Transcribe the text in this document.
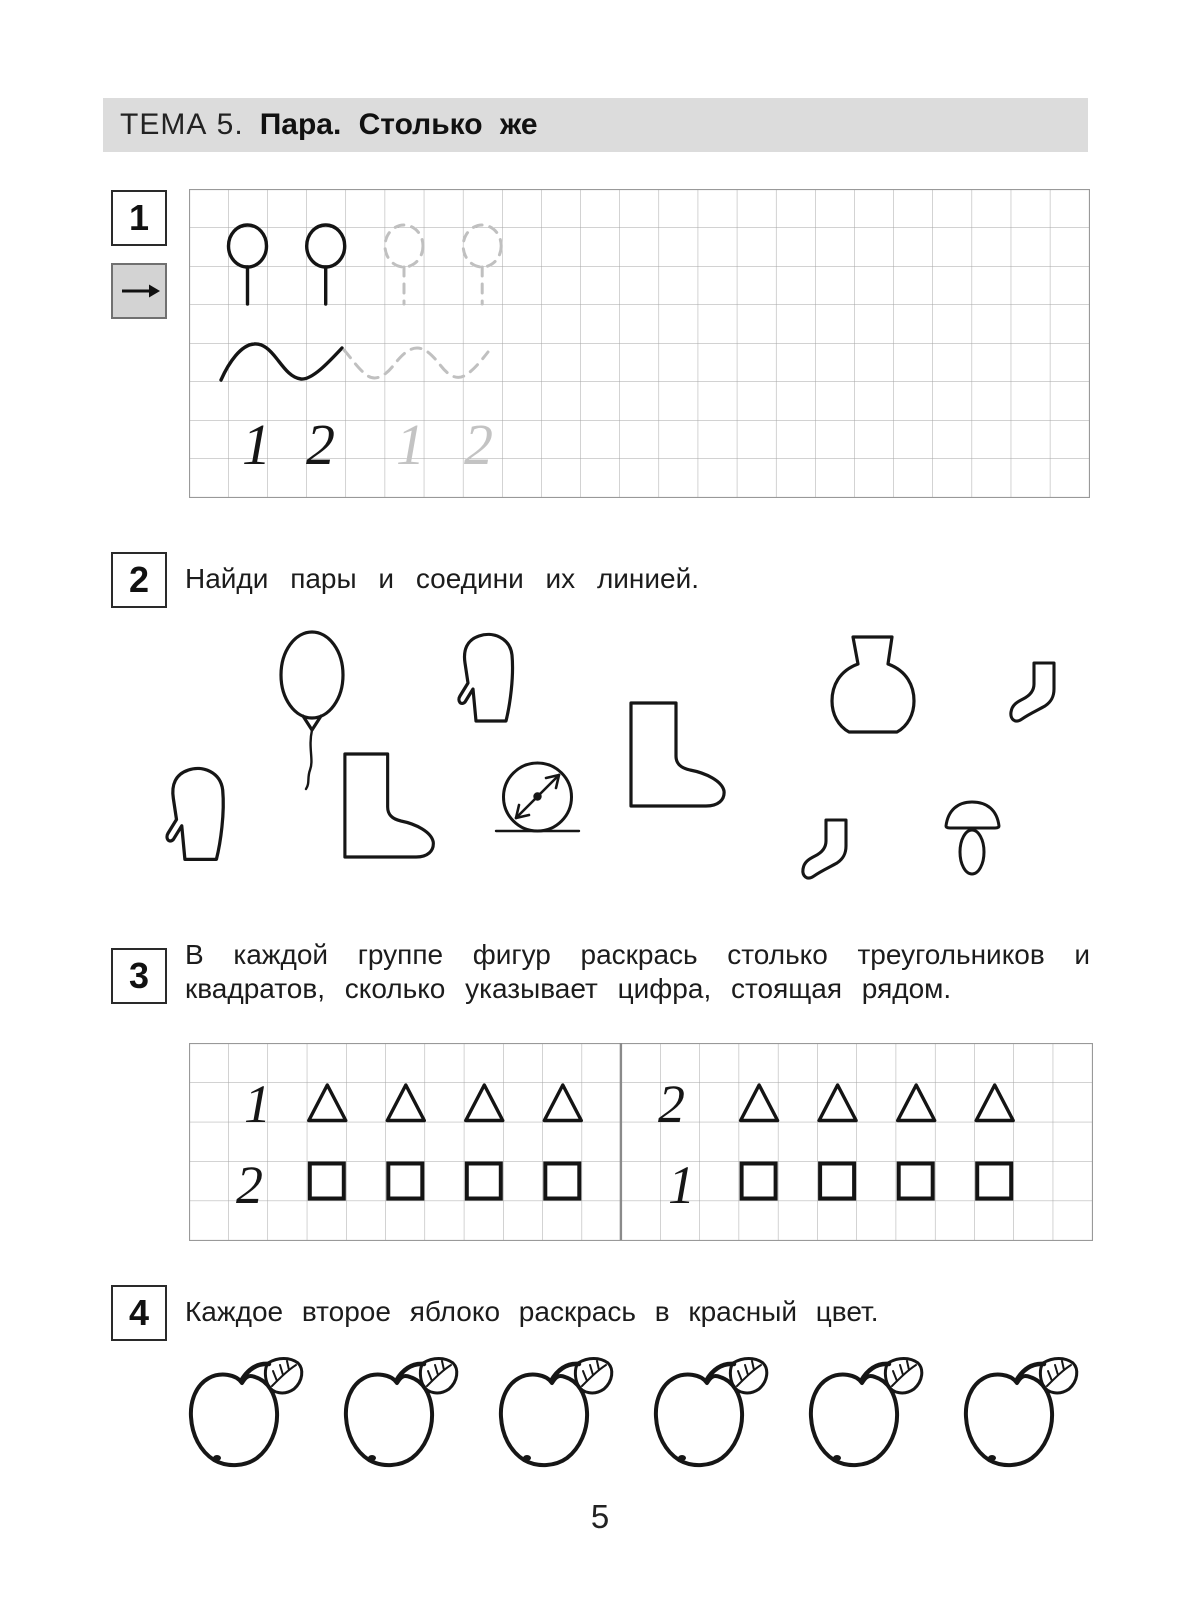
ТЕМА 5. Пара. Столько же
1
1 2 1 2
2 Найди пары и соедини их линией.
3
В каждой группе фигур раскрась столько треугольников и
квадратов, сколько указывает цифра, стоящая рядом.
1
2
2
1
4 Каждое второе яблоко раскрась в красный цвет.
5
